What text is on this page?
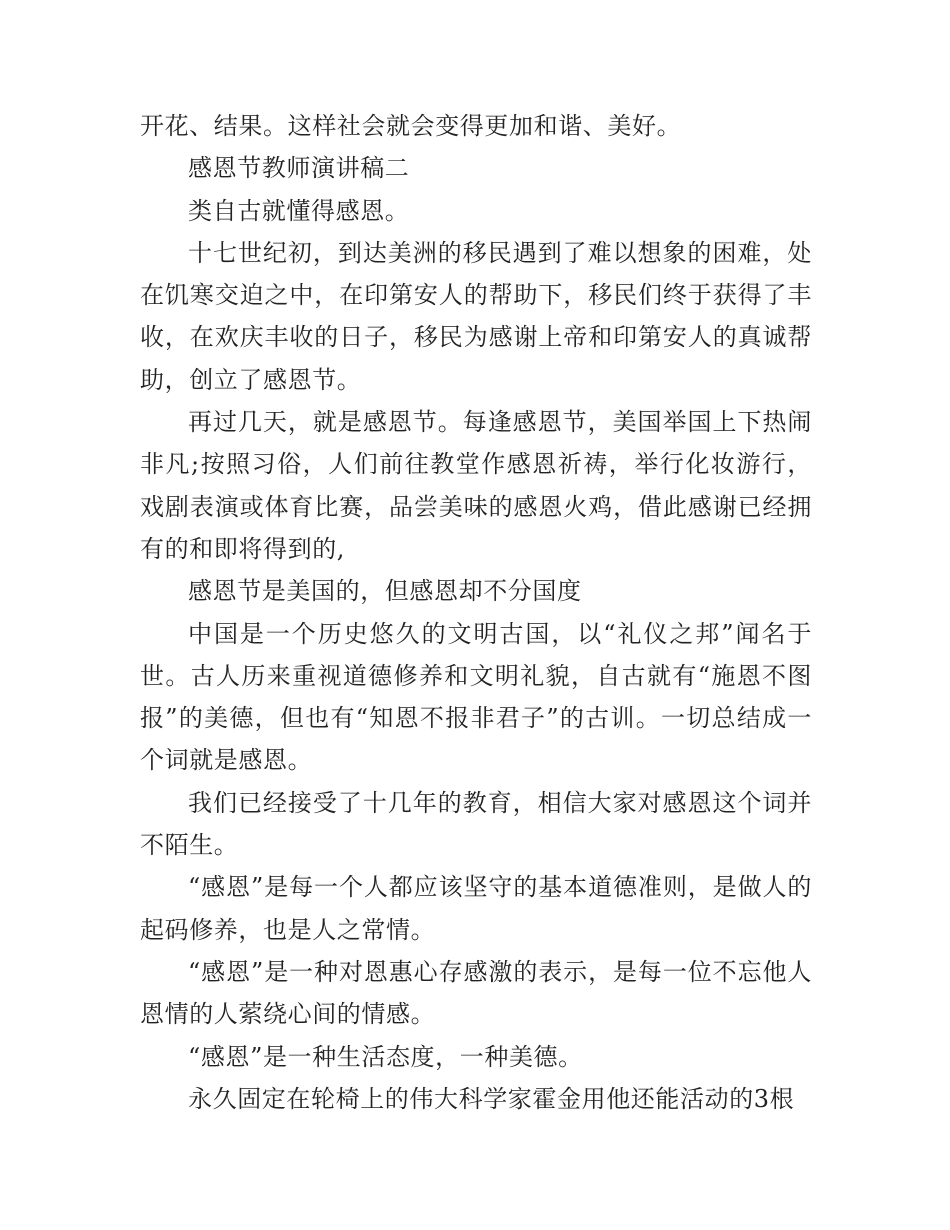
开花、结果。这样社会就会变得更加和谐、美好。

感恩节教师演讲稿二

类自古就懂得感恩。

十七世纪初，到达美洲的移民遇到了难以想象的困难，处在饥寒交迫之中，在印第安人的帮助下，移民们终于获得了丰收，在欢庆丰收的日子，移民为感谢上帝和印第安人的真诚帮助，创立了感恩节。

再过几天，就是感恩节。每逢感恩节，美国举国上下热闹非凡;按照习俗，人们前往教堂作感恩祈祷，举行化妆游行，戏剧表演或体育比赛，品尝美味的感恩火鸡，借此感谢已经拥有的和即将得到的,

感恩节是美国的，但感恩却不分国度

中国是一个历史悠久的文明古国，以“礼仪之邦”闻名于世。古人历来重视道德修养和文明礼貌，自古就有“施恩不图报”的美德，但也有“知恩不报非君子”的古训。一切总结成一个词就是感恩。

我们已经接受了十几年的教育，相信大家对感恩这个词并不陌生。

“感恩”是每一个人都应该坚守的基本道德准则，是做人的起码修养，也是人之常情。

“感恩”是一种对恩惠心存感激的表示，是每一位不忘他人恩情的人萦绕心间的情感。

“感恩”是一种生活态度，一种美德。

永久固定在轮椅上的伟大科学家霍金用他还能活动的3根
